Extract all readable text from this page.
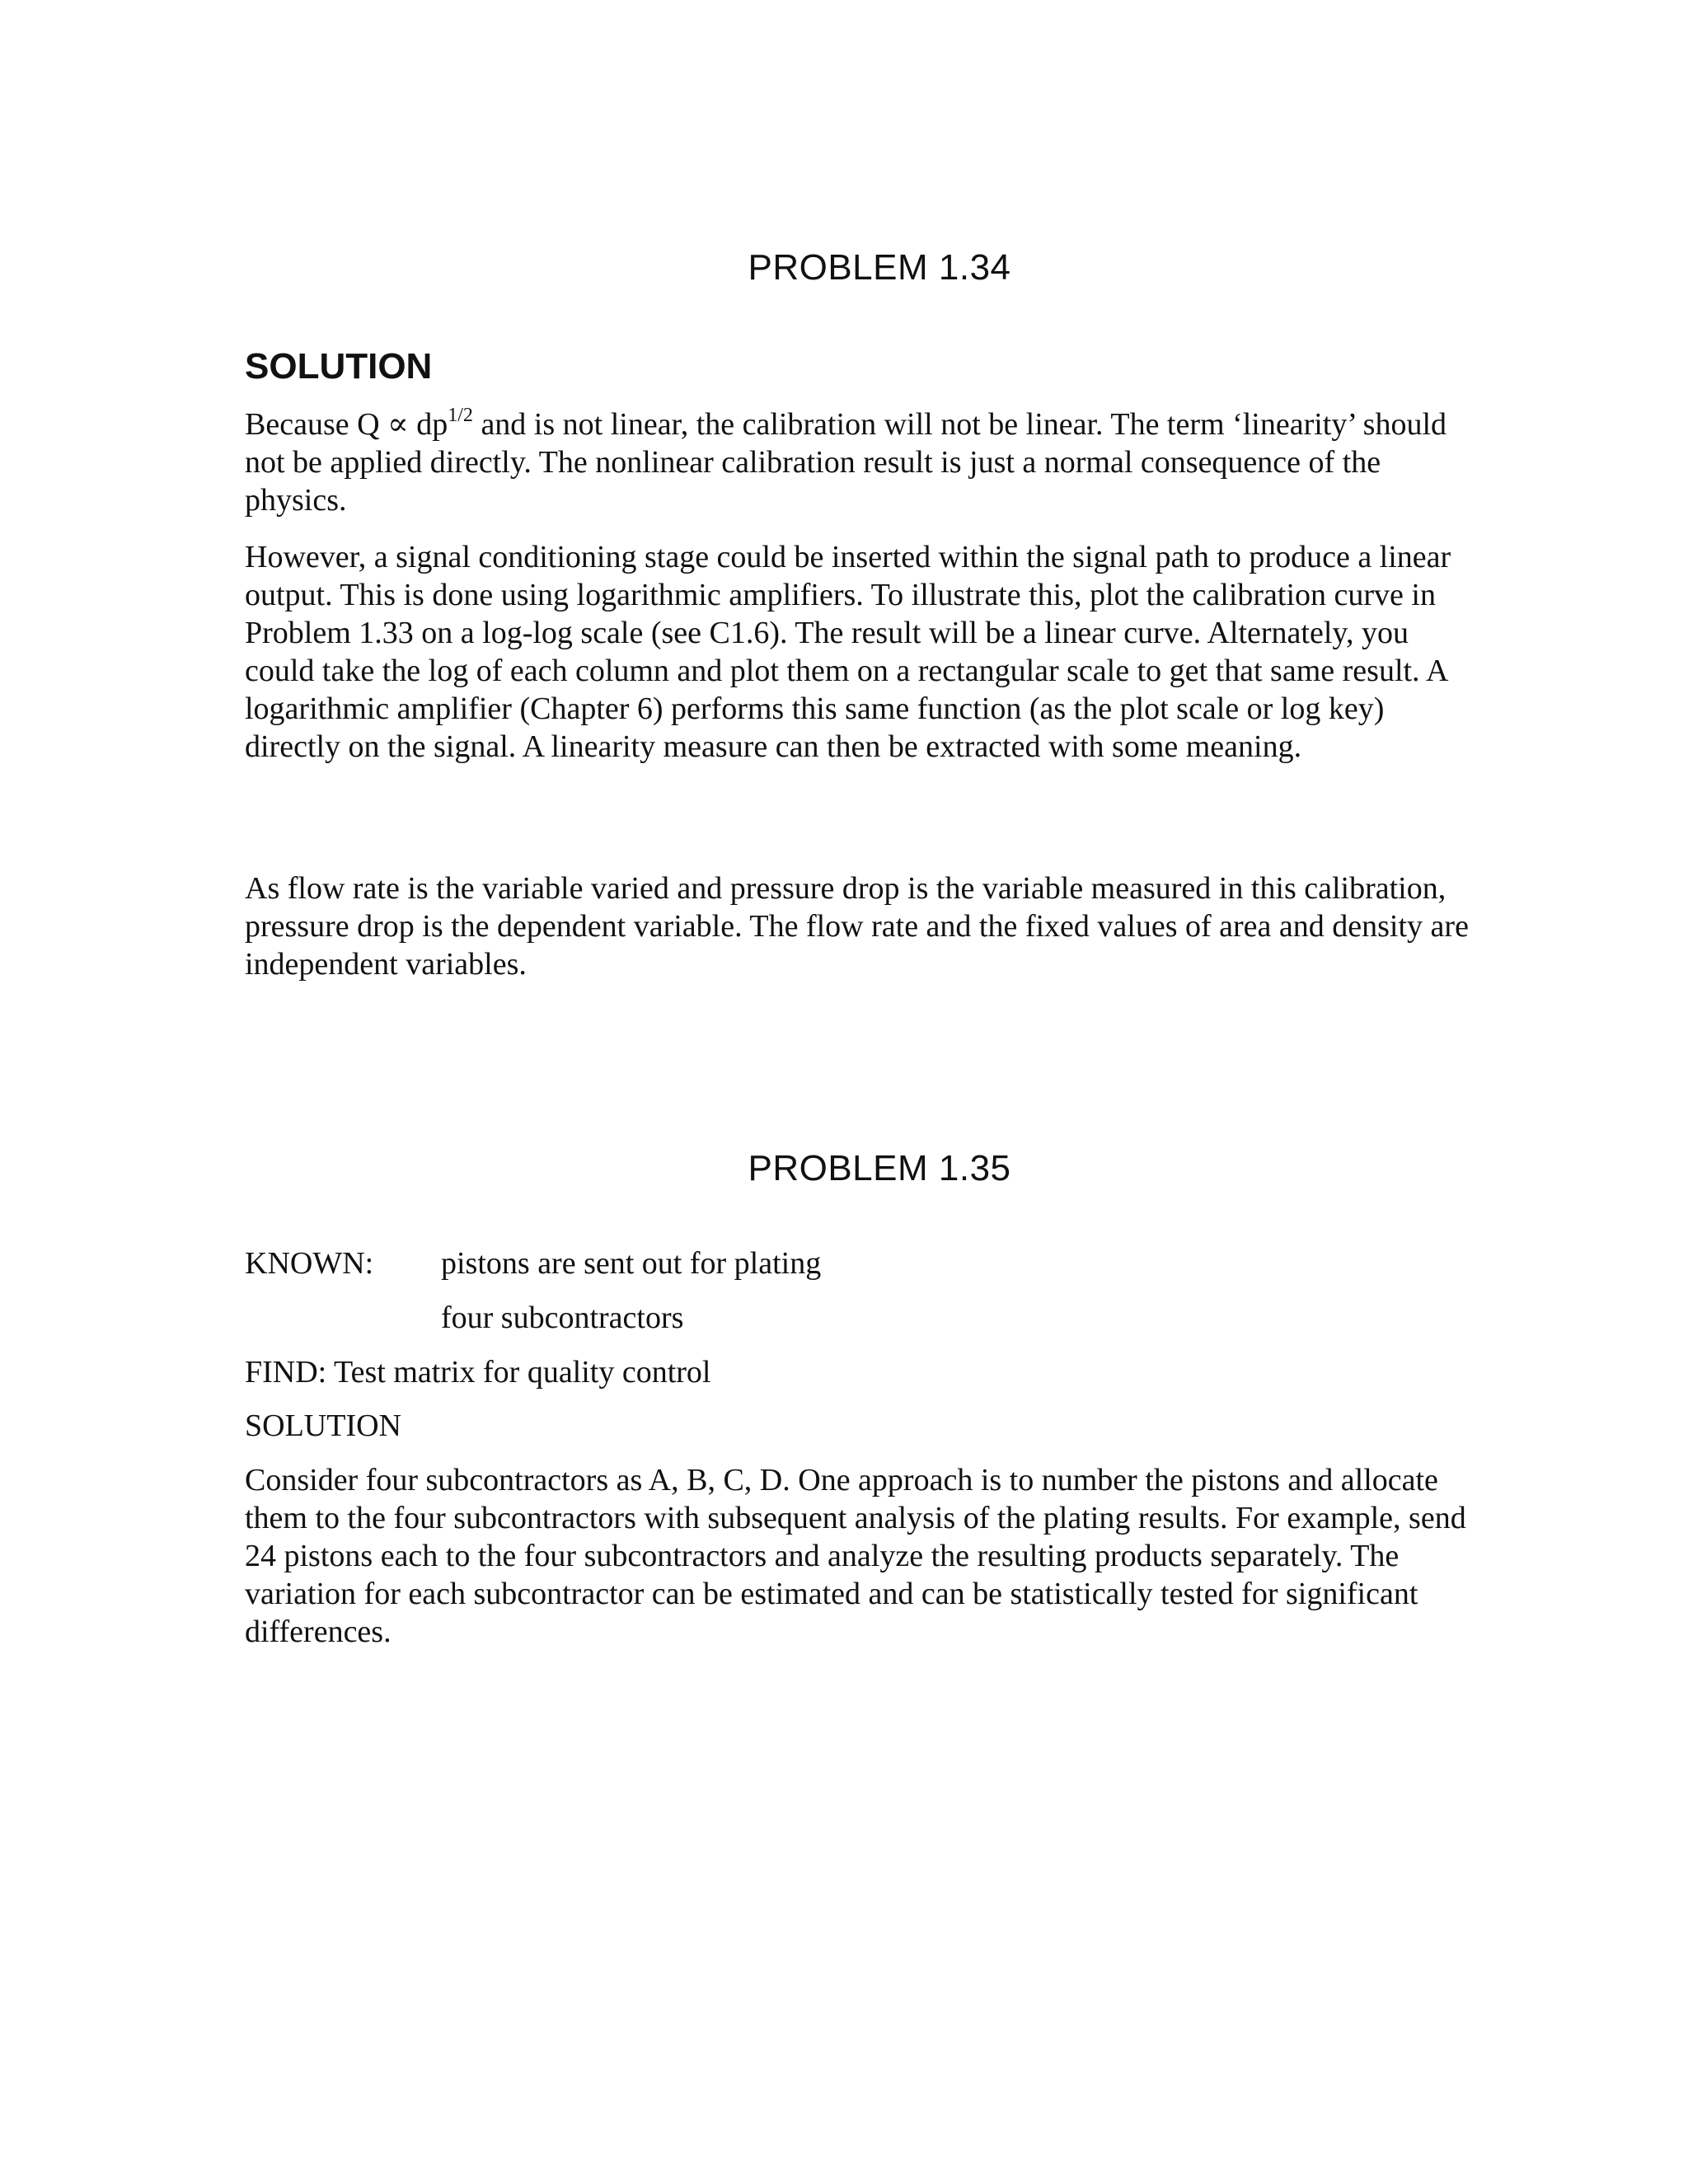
PROBLEM 1.34
SOLUTION

Because $Q \propto dp^{1/2}$ and is not linear, the calibration will not be linear. The term ‘linearity’ should not be applied directly. The nonlinear calibration result is just a normal consequence of the physics.

However, a signal conditioning stage could be inserted within the signal path to produce a linear output. This is done using logarithmic amplifiers. To illustrate this, plot the calibration curve in Problem 1.33 on a log-log scale (see C1.6). The result will be a linear curve. Alternately, you could take the log of each column and plot them on a rectangular scale to get that same result. A logarithmic amplifier (Chapter 6) performs this same function (as the plot scale or log key) directly on the signal. A linearity measure can then be extracted with some meaning.

As flow rate is the variable varied and pressure drop is the variable measured in this calibration, pressure drop is the dependent variable. The flow rate and the fixed values of area and density are independent variables.

PROBLEM 1.35

KNOWN: pistons are sent out for plating

four subcontractors

FIND: Test matrix for quality control

SOLUTION

Consider four subcontractors as A, B, C, D. One approach is to number the pistons and allocate them to the four subcontractors with subsequent analysis of the plating results. For example, send 24 pistons each to the four subcontractors and analyze the resulting products separately. The variation for each subcontractor can be estimated and can be statistically tested for significant differences.
